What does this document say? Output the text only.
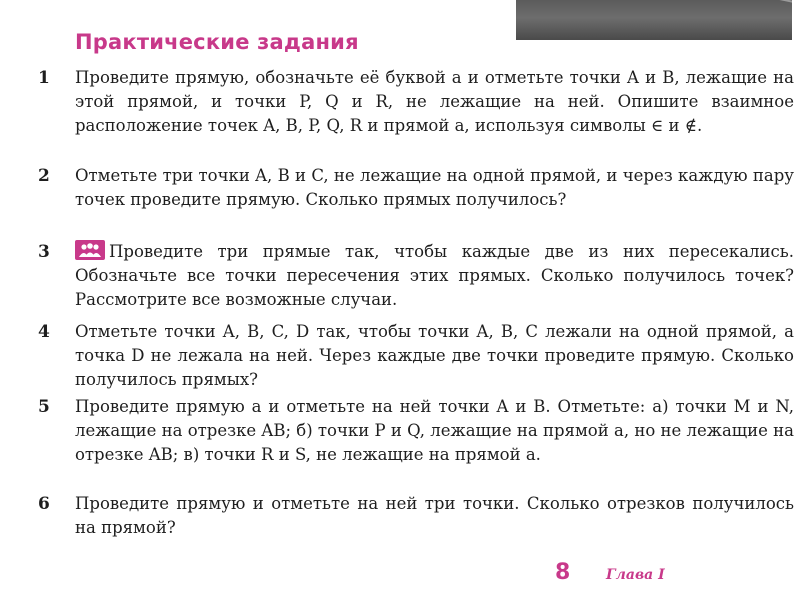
Практические задания
1	Проведите прямую, обозначьте её буквой a и отметьте точки A и B, лежащие на этой прямой, и точки P, Q и R, не лежащие на ней. Опишите взаимное расположение точек A, B, P, Q, R и прямой a, используя символы ∈ и ∉.
2	Отметьте три точки A, B и C, не лежащие на одной прямой, и через каждую пару точек проведите прямую. Сколько прямых получилось?
3	Проведите три прямые так, чтобы каждые две из них пересекались. Обозначьте все точки пересечения этих прямых. Сколько получилось точек? Рассмотрите все возможные случаи.
4	Отметьте точки A, B, C, D так, чтобы точки A, B, C лежали на одной прямой, а точка D не лежала на ней. Через каждые две точки проведите прямую. Сколько получилось прямых?
5	Проведите прямую a и отметьте на ней точки A и B. Отметьте: а) точки M и N, лежащие на отрезке AB; б) точки P и Q, лежащие на прямой a, но не лежащие на отрезке AB; в) точки R и S, не лежащие на прямой a.
6	Проведите прямую и отметьте на ней три точки. Сколько отрезков получилось на прямой?
8	Глава I
